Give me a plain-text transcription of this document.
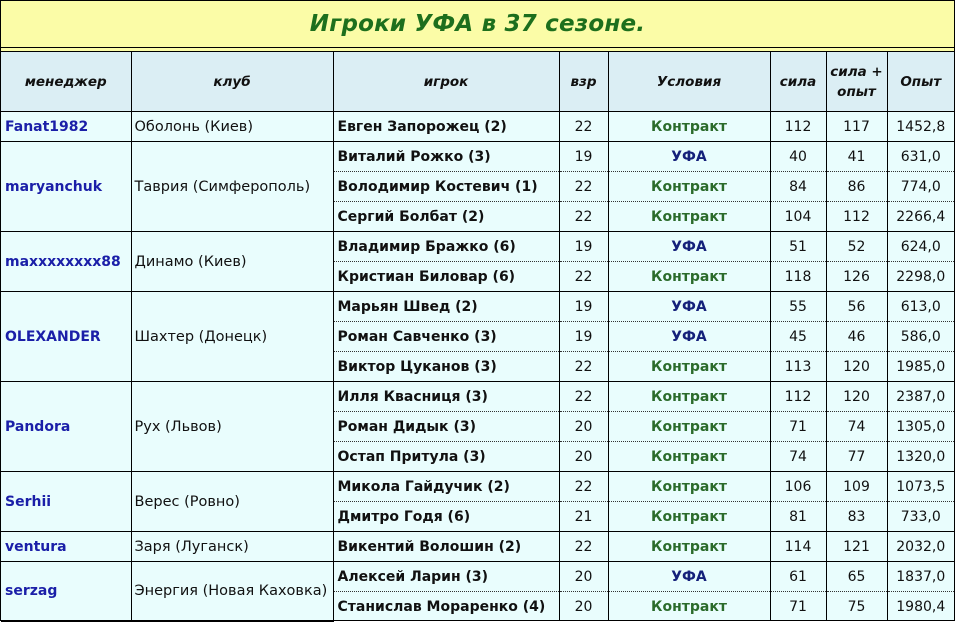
Игроки УФА в 37 сезоне.
менеджер	клуб	игрок	взр	Условия	сила	сила + опыт	Опыт
Fanat1982	Оболонь (Киев)	Евген Запорожец (2)	22	Контракт	112	117	1452,8
maryanchuk	Таврия (Симферополь)	Виталий Рожко (3)	19	УФА	40	41	631,0
		Володимир Костевич (1)	22	Контракт	84	86	774,0
		Сергий Болбат (2)	22	Контракт	104	112	2266,4
maxxxxxxxx88	Динамо (Киев)	Владимир Бражко (6)	19	УФА	51	52	624,0
		Кристиан Биловар (6)	22	Контракт	118	126	2298,0
OLEXANDER	Шахтер (Донецк)	Марьян Швед (2)	19	УФА	55	56	613,0
		Роман Савченко (3)	19	УФА	45	46	586,0
		Виктор Цуканов (3)	22	Контракт	113	120	1985,0
Pandora	Рух (Львов)	Илля Квасниця (3)	22	Контракт	112	120	2387,0
		Роман Дидык (3)	20	Контракт	71	74	1305,0
		Остап Притула (3)	20	Контракт	74	77	1320,0
Serhii	Верес (Ровно)	Микола Гайдучик (2)	22	Контракт	106	109	1073,5
		Дмитро Годя (6)	21	Контракт	81	83	733,0
ventura	Заря (Луганск)	Викентий Волошин (2)	22	Контракт	114	121	2032,0
serzag	Энергия (Новая Каховка)	Алексей Ларин (3)	20	УФА	61	65	1837,0
		Станислав Мораренко (4)	20	Контракт	71	75	1980,4
